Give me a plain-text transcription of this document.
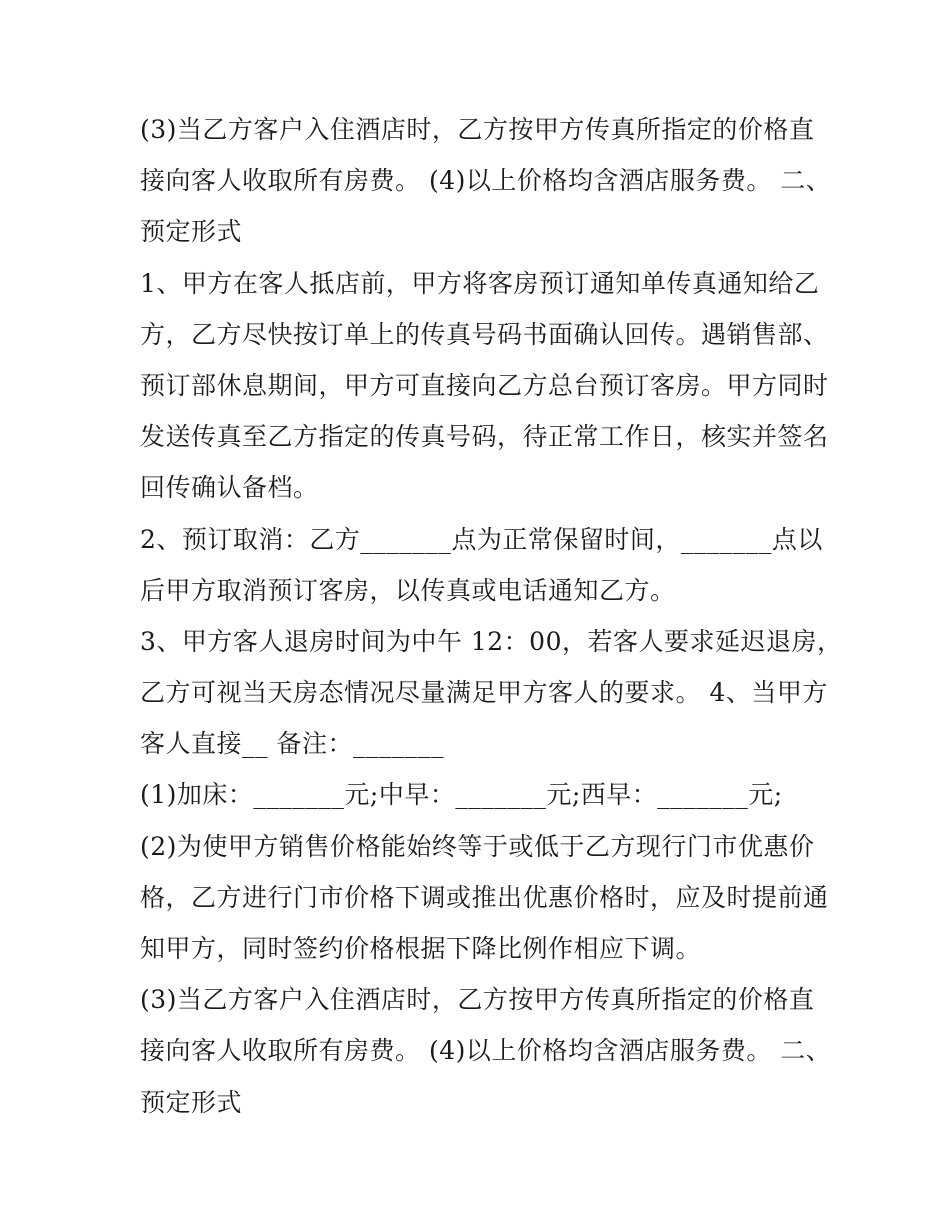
(3)当乙方客户入住酒店时，乙方按甲方传真所指定的价格直
接向客人收取所有房费。 (4)以上价格均含酒店服务费。 二、
预定形式
1、甲方在客人抵店前，甲方将客房预订通知单传真通知给乙
方，乙方尽快按订单上的传真号码书面确认回传。遇销售部、
预订部休息期间，甲方可直接向乙方总台预订客房。甲方同时
发送传真至乙方指定的传真号码，待正常工作日，核实并签名
回传确认备档。
2、预订取消：乙方_______点为正常保留时间，_______点以
后甲方取消预订客房，以传真或电话通知乙方。
3、甲方客人退房时间为中午 12：00，若客人要求延迟退房，
乙方可视当天房态情况尽量满足甲方客人的要求。 4、当甲方
客人直接__ 备注：_______
(1)加床：_______元;中早：_______元;西早：_______元;
(2)为使甲方销售价格能始终等于或低于乙方现行门市优惠价
格，乙方进行门市价格下调或推出优惠价格时，应及时提前通
知甲方，同时签约价格根据下降比例作相应下调。
(3)当乙方客户入住酒店时，乙方按甲方传真所指定的价格直
接向客人收取所有房费。 (4)以上价格均含酒店服务费。 二、
预定形式
